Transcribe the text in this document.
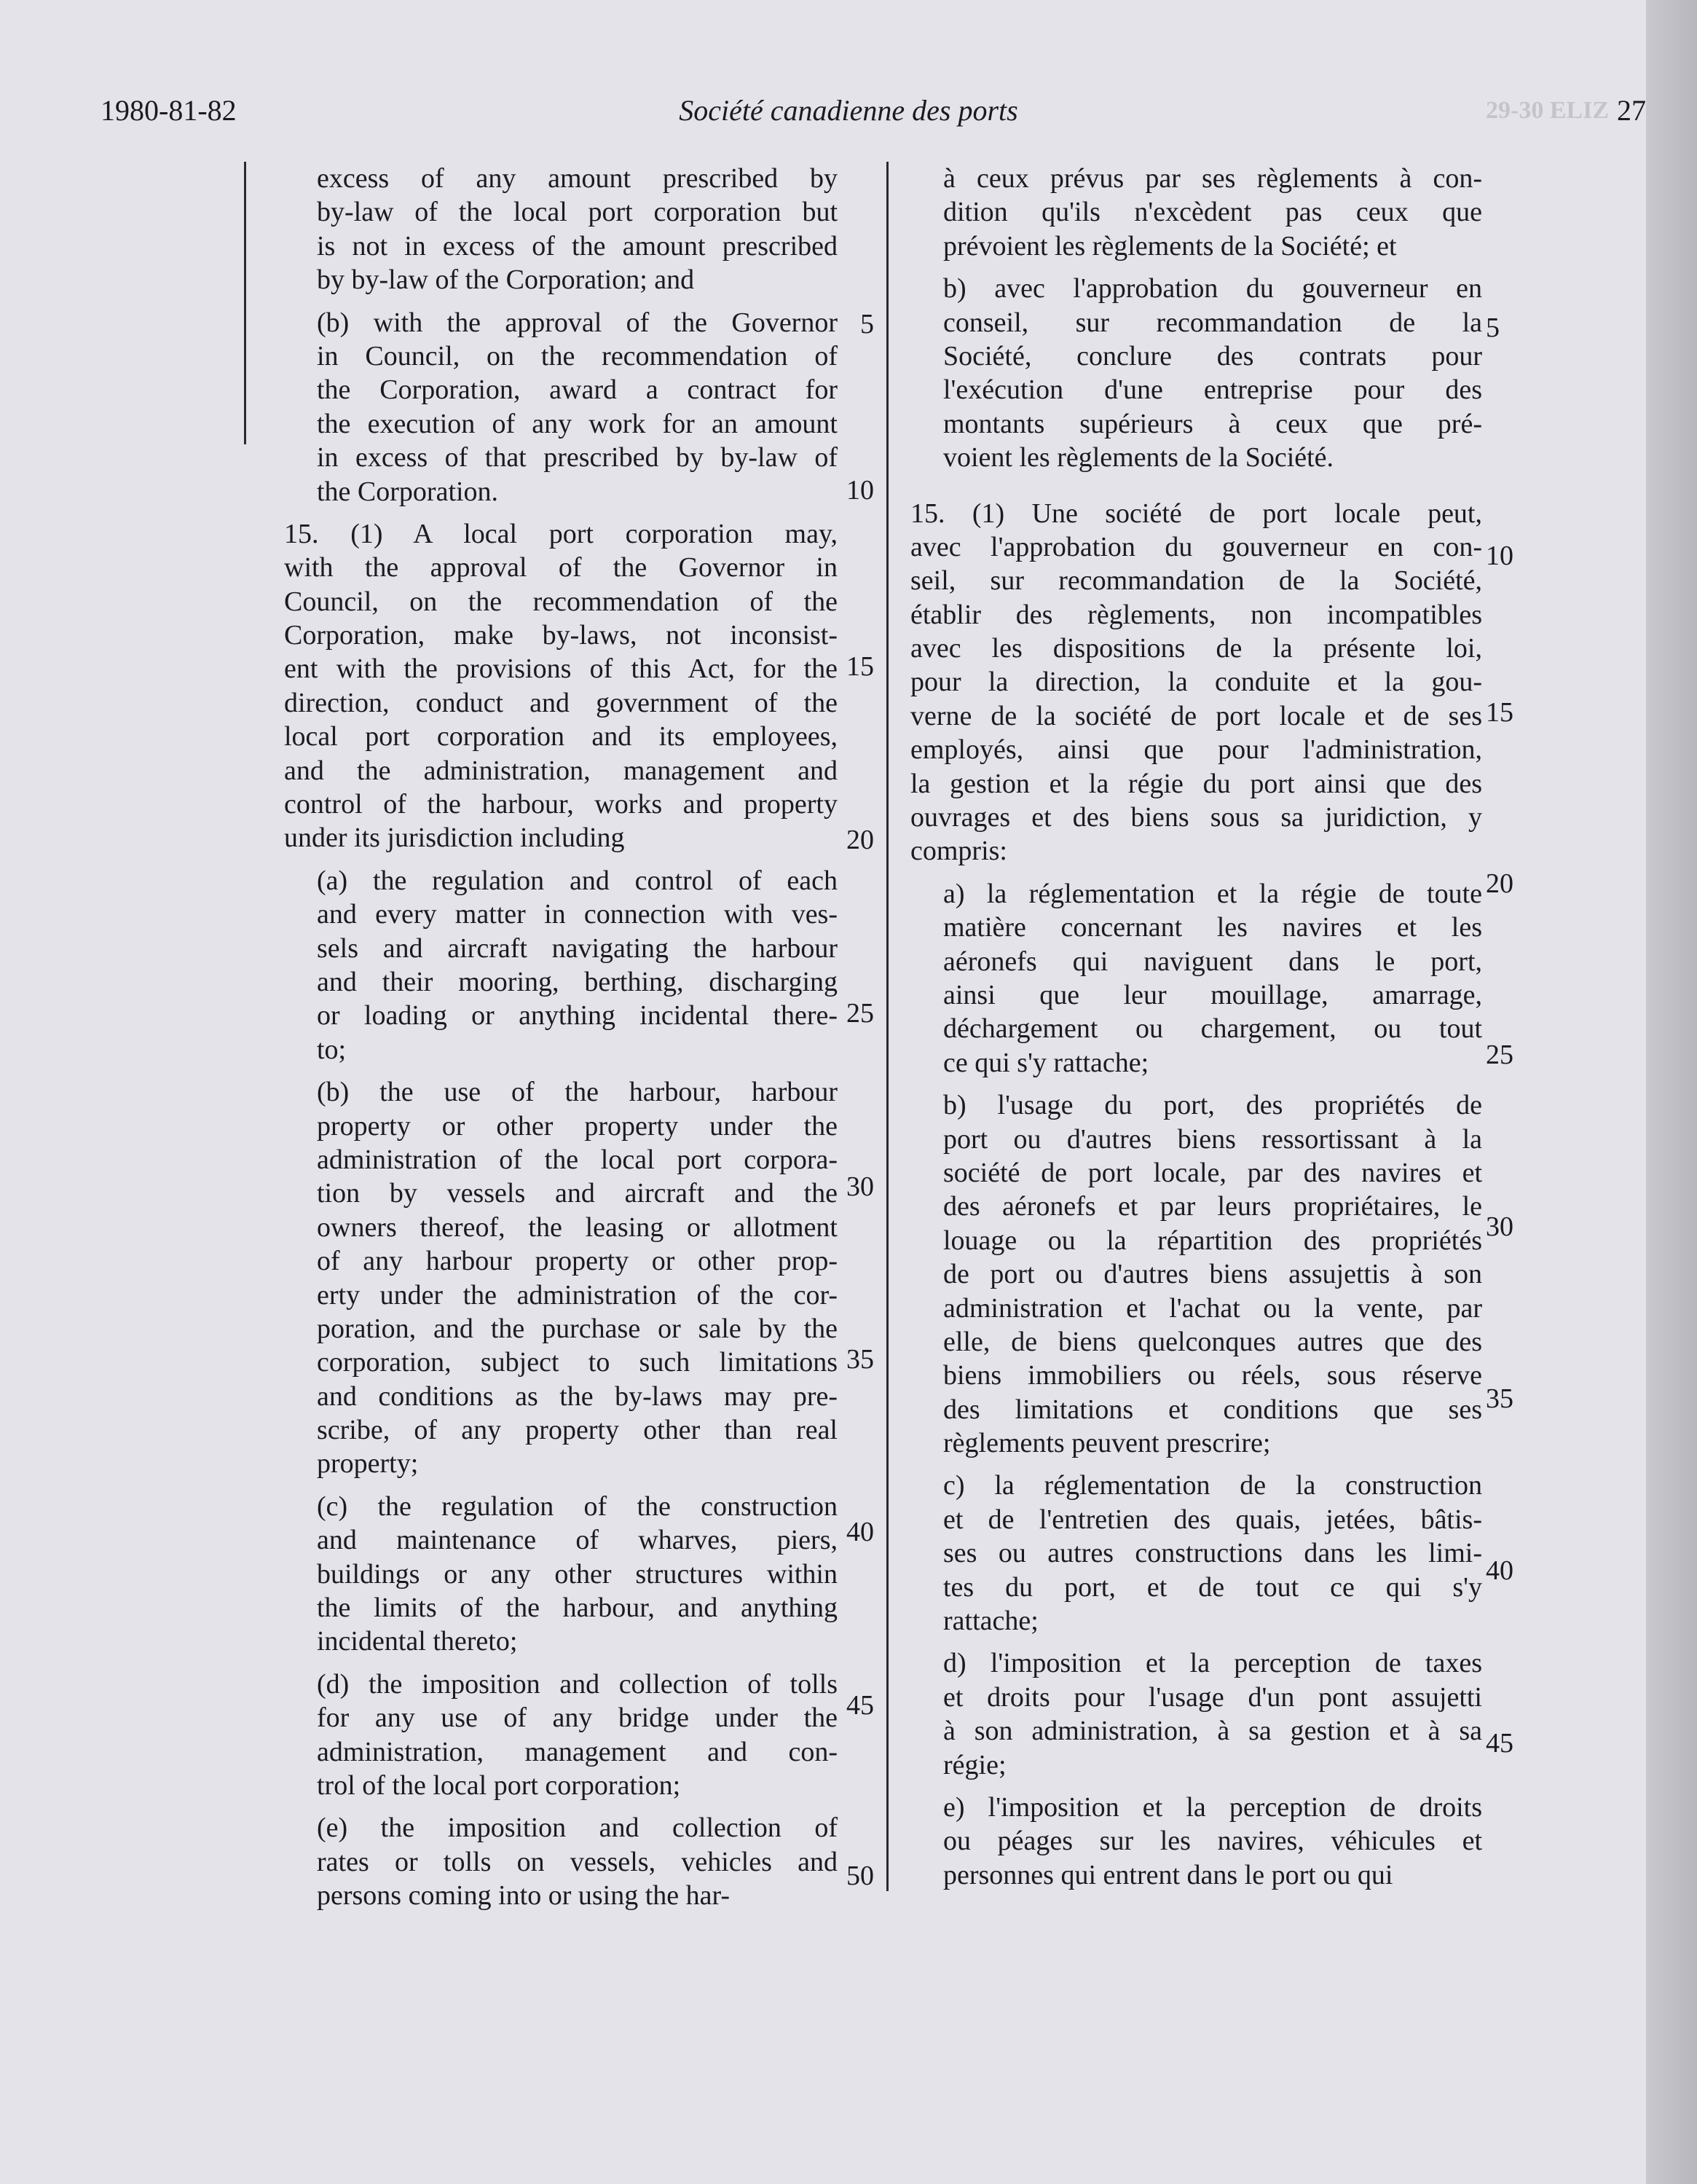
1980-81-82	Société canadienne des ports	29-30 ELIZ 27
excess of any amount prescribed by
by-law of the local port corporation but
is not in excess of the amount prescribed
by by-law of the Corporation; and
(b) with the approval of the Governor
in Council, on the recommendation of
the Corporation, award a contract for
the execution of any work for an amount
in excess of that prescribed by by-law of
the Corporation.
15. (1) A local port corporation may,
with the approval of the Governor in
Council, on the recommendation of the
Corporation, make by-laws, not inconsist-
ent with the provisions of this Act, for the
direction, conduct and government of the
local port corporation and its employees,
and the administration, management and
control of the harbour, works and property
under its jurisdiction including
(a) the regulation and control of each
and every matter in connection with ves-
sels and aircraft navigating the harbour
and their mooring, berthing, discharging
or loading or anything incidental there-
to;
(b) the use of the harbour, harbour
property or other property under the
administration of the local port corpora-
tion by vessels and aircraft and the
owners thereof, the leasing or allotment
of any harbour property or other prop-
erty under the administration of the cor-
poration, and the purchase or sale by the
corporation, subject to such limitations
and conditions as the by-laws may pre-
scribe, of any property other than real
property;
(c) the regulation of the construction
and maintenance of wharves, piers,
buildings or any other structures within
the limits of the harbour, and anything
incidental thereto;
(d) the imposition and collection of tolls
for any use of any bridge under the
administration, management and con-
trol of the local port corporation;
(e) the imposition and collection of
rates or tolls on vessels, vehicles and
persons coming into or using the har-
à ceux prévus par ses règlements à con-
dition qu'ils n'excèdent pas ceux que
prévoient les règlements de la Société; et
b) avec l'approbation du gouverneur en
conseil, sur recommandation de la
Société, conclure des contrats pour
l'exécution d'une entreprise pour des
montants supérieurs à ceux que pré-
voient les règlements de la Société.
15. (1) Une société de port locale peut,
avec l'approbation du gouverneur en con-
seil, sur recommandation de la Société,
établir des règlements, non incompatibles
avec les dispositions de la présente loi,
pour la direction, la conduite et la gou-
verne de la société de port locale et de ses
employés, ainsi que pour l'administration,
la gestion et la régie du port ainsi que des
ouvrages et des biens sous sa juridiction, y
compris:
a) la réglementation et la régie de toute
matière concernant les navires et les
aéronefs qui naviguent dans le port,
ainsi que leur mouillage, amarrage,
déchargement ou chargement, ou tout
ce qui s'y rattache;
b) l'usage du port, des propriétés de
port ou d'autres biens ressortissant à la
société de port locale, par des navires et
des aéronefs et par leurs propriétaires, le
louage ou la répartition des propriétés
de port ou d'autres biens assujettis à son
administration et l'achat ou la vente, par
elle, de biens quelconques autres que des
biens immobiliers ou réels, sous réserve
des limitations et conditions que ses
règlements peuvent prescrire;
c) la réglementation de la construction
et de l'entretien des quais, jetées, bâtis-
ses ou autres constructions dans les limi-
tes du port, et de tout ce qui s'y
rattache;
d) l'imposition et la perception de taxes
et droits pour l'usage d'un pont assujetti
à son administration, à sa gestion et à sa
régie;
e) l'imposition et la perception de droits
ou péages sur les navires, véhicules et
personnes qui entrent dans le port ou qui
5
10
15
20
25
30
35
40
45
50
5
10
15
20
25
30
35
40
45
